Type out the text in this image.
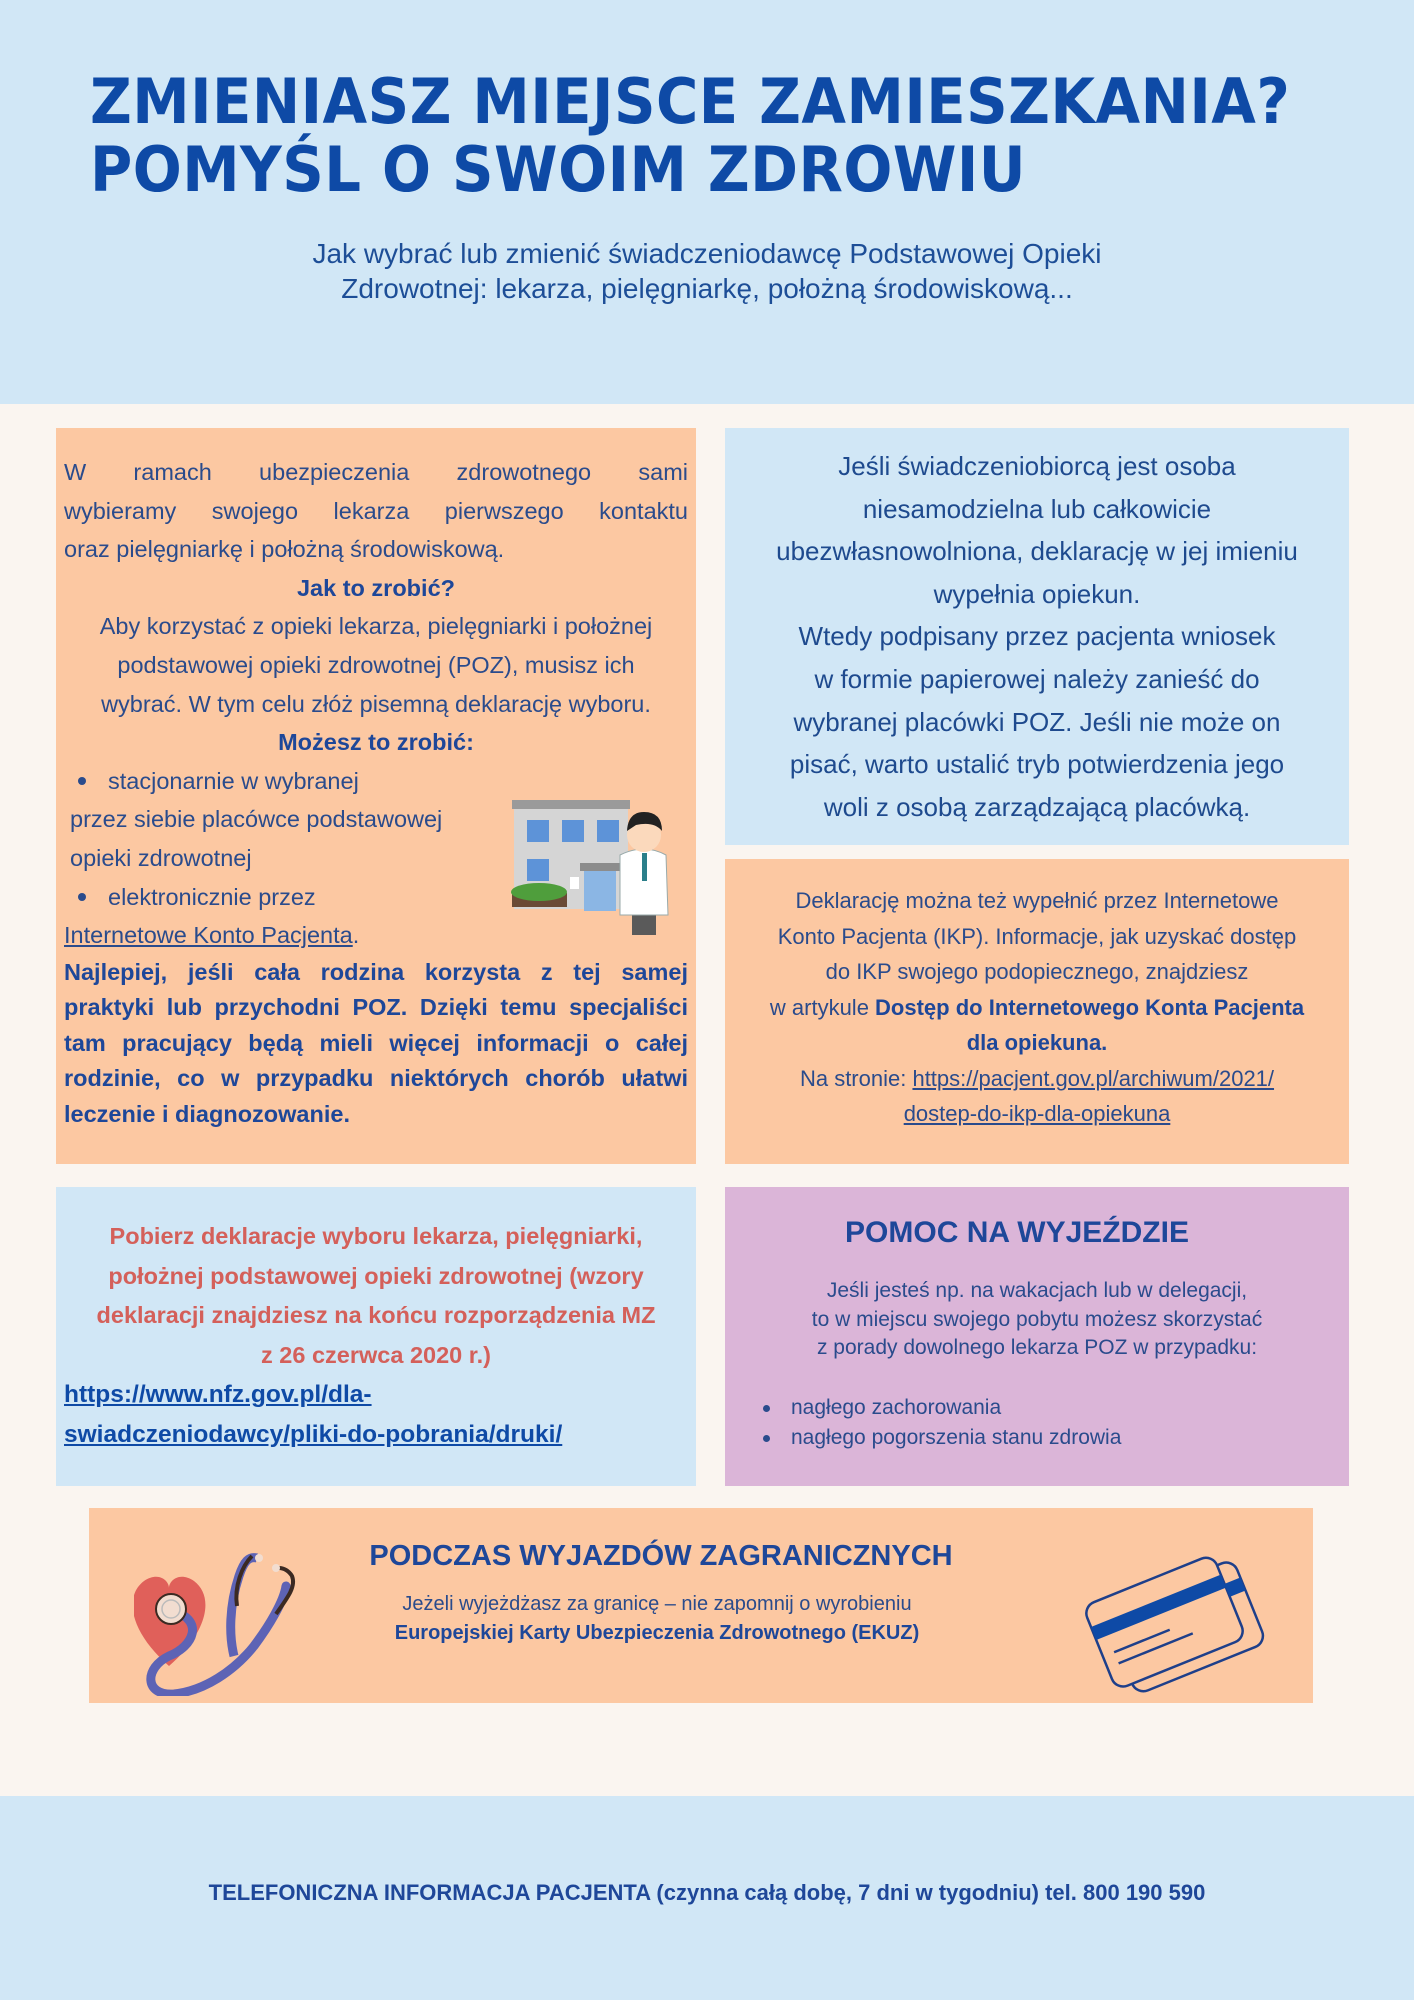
ZMIENIASZ MIEJSCE ZAMIESZKANIA?
POMYŚL O SWOIM ZDROWIU

Jak wybrać lub zmienić świadczeniodawcę Podstawowej Opieki
Zdrowotnej: lekarza, pielęgniarkę, położną środowiskową...

W ramach ubezpieczenia zdrowotnego sami
wybieramy swojego lekarza pierwszego kontaktu
oraz pielęgniarkę i położną środowiskową.
Jak to zrobić?
Aby korzystać z opieki lekarza, pielęgniarki i położnej
podstawowej opieki zdrowotnej (POZ), musisz ich
wybrać. W tym celu złóż pisemną deklarację wyboru.
Możesz to zrobić:
stacjonarnie w wybranej
przez siebie placówce podstawowej
opieki zdrowotnej
elektronicznie przez
Internetowe Konto Pacjenta.
Najlepiej, jeśli cała rodzina korzysta z tej samej
praktyki lub przychodni POZ. Dzięki temu specjaliści
tam pracujący będą mieli więcej informacji o całej
rodzinie, co w przypadku niektórych chorób ułatwi
leczenie i diagnozowanie.
Jeśli świadczeniobiorcą jest osoba
niesamodzielna lub całkowicie
ubezwłasnowolniona, deklarację w jej imieniu
wypełnia opiekun.
Wtedy podpisany przez pacjenta wniosek
w formie papierowej należy zanieść do
wybranej placówki POZ. Jeśli nie może on
pisać, warto ustalić tryb potwierdzenia jego
woli z osobą zarządzającą placówką.
Deklarację można też wypełnić przez Internetowe
Konto Pacjenta (IKP). Informacje, jak uzyskać dostęp
do IKP swojego podopiecznego, znajdziesz
w artykule Dostęp do Internetowego Konta Pacjenta
dla opiekuna.
Na stronie: https://pacjent.gov.pl/archiwum/2021/
dostep-do-ikp-dla-opiekuna
Pobierz deklaracje wyboru lekarza, pielęgniarki,
położnej podstawowej opieki zdrowotnej (wzory
deklaracji znajdziesz na końcu rozporządzenia MZ
z 26 czerwca 2020 r.)
https://www.nfz.gov.pl/dla-
swiadczeniodawcy/pliki-do-pobrania/druki/
POMOC NA WYJEŹDZIE
Jeśli jesteś np. na wakacjach lub w delegacji,
to w miejscu swojego pobytu możesz skorzystać
z porady dowolnego lekarza POZ w przypadku:
nagłego zachorowania
nagłego pogorszenia stanu zdrowia
PODCZAS WYJAZDÓW ZAGRANICZNYCH
Jeżeli wyjeżdżasz za granicę – nie zapomnij o wyrobieniu
Europejskiej Karty Ubezpieczenia Zdrowotnego (EKUZ)

TELEFONICZNA INFORMACJA PACJENTA (czynna całą dobę, 7 dni w tygodniu) tel. 800 190 590
